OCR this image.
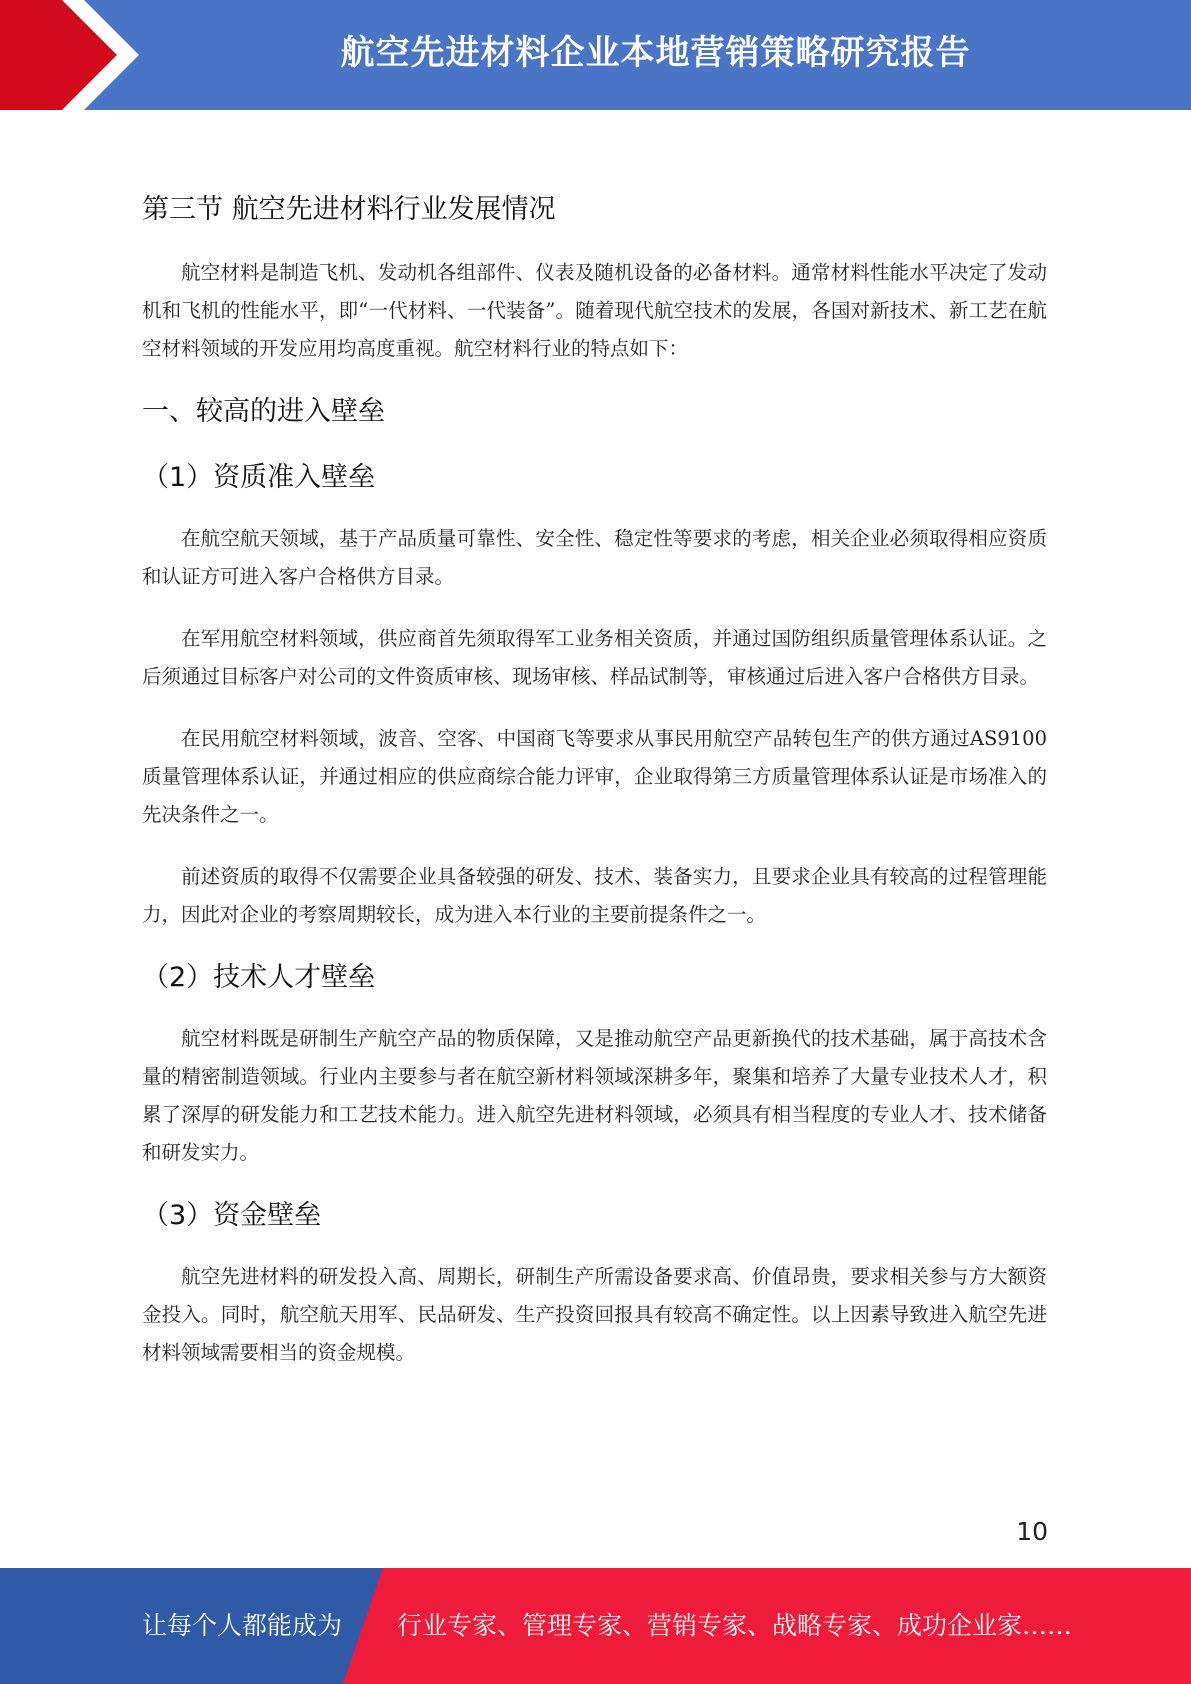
航空先进材料企业本地营销策略研究报告
第三节 航空先进材料行业发展情况

航空材料是制造飞机、发动机各组部件、仪表及随机设备的必备材料。通常材料性能水平决定了发动机和飞机的性能水平，即“一代材料、一代装备”。随着现代航空技术的发展，各国对新技术、新工艺在航空材料领域的开发应用均高度重视。航空材料行业的特点如下：

一、较高的进入壁垒
（1）资质准入壁垒

在航空航天领域，基于产品质量可靠性、安全性、稳定性等要求的考虑，相关企业必须取得相应资质和认证方可进入客户合格供方目录。

在军用航空材料领域，供应商首先须取得军工业务相关资质，并通过国防组织质量管理体系认证。之后须通过目标客户对公司的文件资质审核、现场审核、样品试制等，审核通过后进入客户合格供方目录。

在民用航空材料领域，波音、空客、中国商飞等要求从事民用航空产品转包生产的供方通过AS9100 质量管理体系认证，并通过相应的供应商综合能力评审，企业取得第三方质量管理体系认证是市场准入的先决条件之一。

前述资质的取得不仅需要企业具备较强的研发、技术、装备实力，且要求企业具有较高的过程管理能力，因此对企业的考察周期较长，成为进入本行业的主要前提条件之一。

（2）技术人才壁垒

航空材料既是研制生产航空产品的物质保障，又是推动航空产品更新换代的技术基础，属于高技术含量的精密制造领域。行业内主要参与者在航空新材料领域深耕多年，聚集和培养了大量专业技术人才，积累了深厚的研发能力和工艺技术能力。进入航空先进材料领域，必须具有相当程度的专业人才、技术储备和研发实力。

（3）资金壁垒

航空先进材料的研发投入高、周期长，研制生产所需设备要求高、价值昂贵，要求相关参与方大额资金投入。同时，航空航天用军、民品研发、生产投资回报具有较高不确定性。以上因素导致进入航空先进材料领域需要相当的资金规模。

10
让每个人都能成为 行业专家、管理专家、营销专家、战略专家、成功企业家……
